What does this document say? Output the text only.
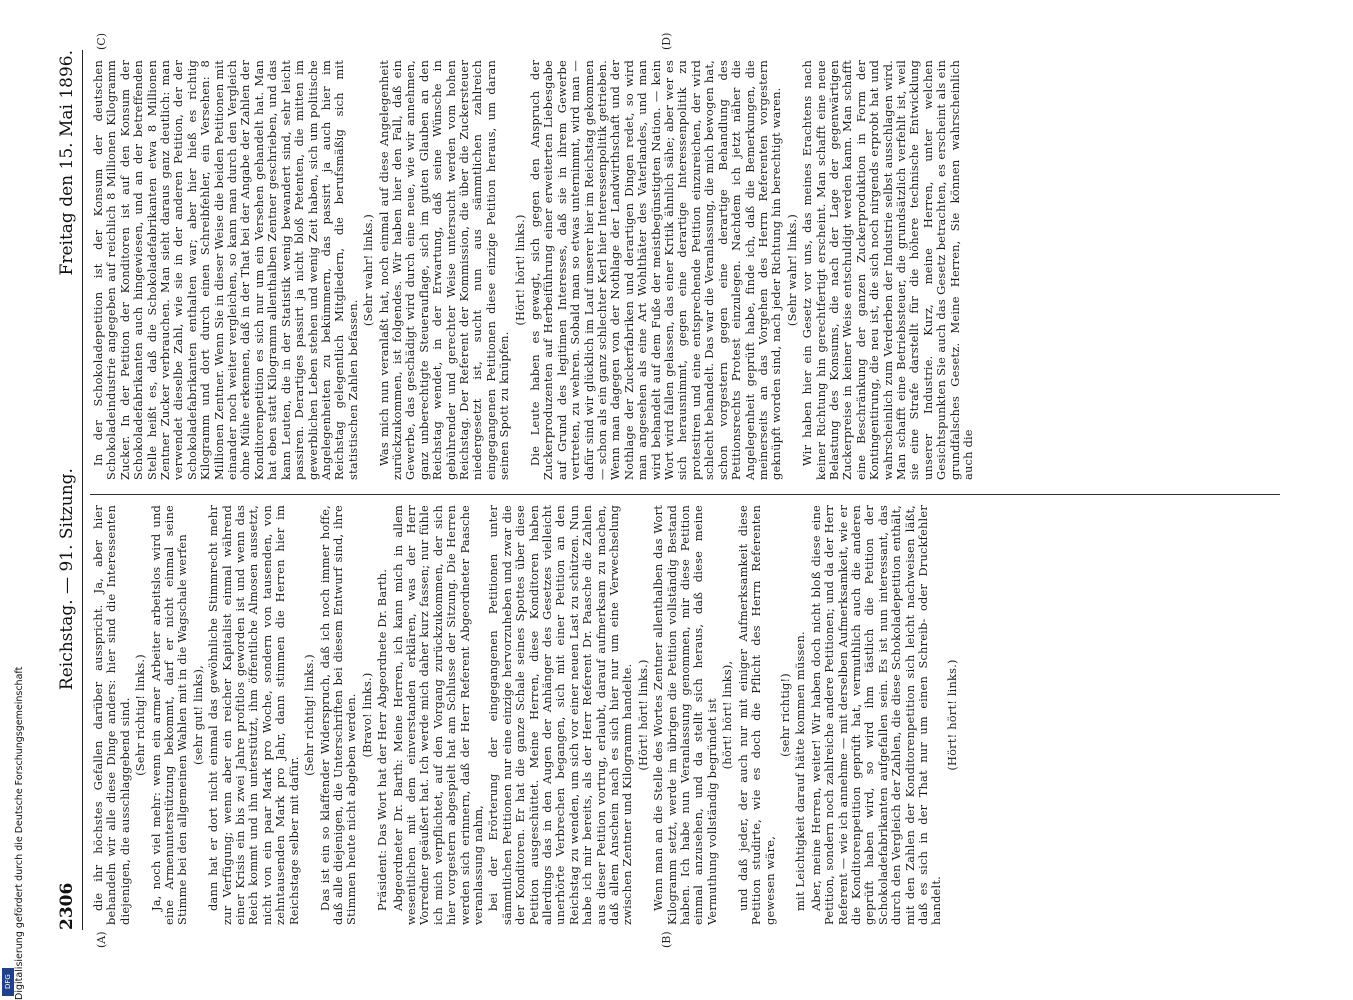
2306
Reichstag. — 91. Sitzung.
Freitag den 15. Mai 1896.
(A)	(B)
(C)	(D)

die ihr höchstes Gefallen darüber ausspricht. Ja, aber hier behandeln wir alle diese Dinge anders: hier sind die Interessenten diejenigen, die ausschlaggebend sind. (Sehr richtig! links.) Ja, noch viel mehr: wenn ein armer Arbeiter arbeitslos wird und eine Armenunterstützung bekommt, darf er nicht einmal seine Stimme bei den allgemeinen Wahlen mit in die Wagschale werfen (sehr gut! links), dann hat er dort nicht einmal das gewöhnliche Stimmrecht mehr zur Verfügung; wenn aber ein reicher Kapitalist einmal während einer Krisis ein bis zwei Jahre profitlos geworden ist und wenn das Reich kommt und ihn unterstützt, ihm öffentliche Almosen aussetzt, nicht von ein paar Mark pro Woche, sondern von tausenden, von zehntausenden Mark pro Jahr, dann stimmen die Herren hier im Reichstage selber mit dafür.

(Sehr richtig! links.) Das ist ein so klaffender Widerspruch, daß ich noch immer hoffe, daß alle diejenigen, die Unterschriften bei diesem Entwurf sind, ihre Stimmen heute nicht abgeben werden. (Bravo! links.) Präsident: Das Wort hat der Herr Abgeordnete Dr. Barth. Abgeordneter Dr. Barth: Meine Herren, ich kann mich in allem wesentlichen mit dem einverstanden erklären, was der Herr Vorredner geäußert hat. Ich werde mich daher kurz fassen; nur fühle ich mich verpflichtet, auf den Vorgang zurückzukommen, der sich hier vorgestern abgespielt hat am Schlusse der Sitzung. Die Herren werden sich erinnern, daß der Herr Referent Abgeordneter Paasche veranlassung nahm, bei der Erörterung der eingegangenen Petitionen unter sämmtlichen Petitionen nur eine einzige hervorzuheben und zwar die der Konditoren. Er hat die ganze Schale seines Spottes über diese Petition ausgeschüttet. Meine Herren, diese Konditoren haben allerdings das in den Augen der Anhänger des Gesetzes vielleicht unerhörte Verbrechen begangen, sich mit einer Petition an den Reichstag zu wenden, um sich vor einer neuen Last zu schützen. Nun habe ich mir bereits, als der Herr Referent Dr. Paasche die Zahlen aus dieser Petition vortrug, erlaubt, darauf aufmerksam zu machen, daß allem Anschein nach es sich hier nur um eine Verwechselung zwischen Zentner und Kilogramm handelte. (Hört! hört! links.) Wenn man an die Stelle des Wortes Zentner allenthalben das Wort Kilogramm setzt, werde im übrigen die Petition vollständig Bestand haben. Ich habe nun Veranlassung genommen, mir diese Petition einmal anzusehen, und da stellt sich heraus, daß diese meine Vermuthung vollständig begründet ist (hört! hört! links), und daß jeder, der auch nur mit einiger Aufmerksamkeit diese Petition studirte, wie es doch die Pflicht des Herrn Referenten gewesen wäre,

(sehr richtig!) mit Leichtigkeit darauf hätte kommen müssen. Aber, meine Herren, weiter! Wir haben doch nicht bloß diese eine Petition, sondern noch zahlreiche andere Petitionen; und da der Herr Referent — wie ich annehme — mit derselben Aufmerksamkeit, wie er die Konditorenpetition geprüft hat, vermuthlich auch die anderen geprüft haben wird, so wird ihm tästlich die Petition der Schokoladefabrikanten aufgefallen sein. Es ist nun interessant, das durch den Vergleich der Zahlen, die diese Schokoladepetition enthält, mit den Zahlen der Konditorenpetition sich leicht nachweisen läßt, daß es sich in der That nur um einen Schreib- oder Druckfehler handelt.

(Hört! hört! links.)

In der Schokoladepetition ist der Konsum der deutschen Schokoladeindustrie angegeben auf reichlich 8 Millionen Kilogramm Zucker. In der Petition der Konditoren ist auf den Konsum der Schokoladefabrikanten auch hingewiesen, und an der betreffenden Stelle heißt es, daß die Schokoladefabrikanten etwa 8 Millionen Zentner Zucker verbrauchen. Man sieht daraus ganz deutlich: man verwendet dieselbe Zahl, wie sie in der anderen Petition, der der Schokoladefabrikanten enthalten war; aber hier hieß es richtig Kilogramm und dort durch einen Schreibfehler, ein Versehen: 8 Millionen Zentner. Wenn Sie in dieser Weise die beiden Petitionen mit einander noch weiter vergleichen, so kann man durch den Vergleich ohne Mühe erkennen, daß in der That bei der Angabe der Zahlen der Konditorenpetition es sich nur um ein Versehen gehandelt hat. Man hat eben statt Kilogramm allenthalben Zentner geschrieben, und das kann Leuten, die in der Statistik wenig bewandert sind, sehr leicht passiren. Derartiges passirt ja nicht bloß Petenten, die mitten im gewerblichen Leben stehen und wenig Zeit haben, sich um politische Angelegenheiten zu bekümmern, das passirt ja auch hier im Reichstag gelegentlich Mitgliedern, die berufsmäßig sich mit statistischen Zahlen befassen.

(Sehr wahr! links.) Was mich nun veranlaßt hat, noch einmal auf diese Angelegenheit zurückzukommen, ist folgendes. Wir haben hier den Fall, daß ein Gewerbe, das geschädigt wird durch eine neue, wie wir annehmen, ganz unberechtigte Steuerauflage, sich im guten Glauben an den Reichstag wendet, in der Erwartung, daß seine Wünsche in gebührender und gerechter Weise untersucht werden vom hohen Reichstag. Der Referent der Kommission, die über die Zuckersteuer niedergesetzt ist, sucht nun aus sämmtlichen zahlreich eingegangenen Petitionen diese einzige Petition heraus, um daran seinen Spott zu knüpfen.

(Hört! hört! links.) Die Leute haben es gewagt, sich gegen den Anspruch der Zuckerproduzenten auf Herbeiführung einer erweiterten Liebesgabe auf Grund des legitimen Interesses, daß sie in ihrem Gewerbe vertreten, zu wehren. Sobald man so etwas unternimmt, wird man — dafür sind wir glücklich im Lauf unserer hier im Reichstag gekommen — schon als ein ganz schlechter Kerl hier Interessenpolitik getrieben. Wenn man dagegen von der Nothlage der Landwirthschaft und der Nothlage der Zuckerfabriken und derartigen Dingen redet, so wird man angesehen als eine Art Wohlthäter des Vaterlandes, und man wird behandelt auf dem Fuße der meistbegünstigten Nation. — kein Wort wird fallen gelassen, das einer Kritik ähnlich sähe; aber wer es sich herausnimmt, gegen eine derartige Interessenpolitik zu protestiren und eine entsprechende Petition einzureichen, der wird schlecht behandelt. Das war die Veranlassung, die mich bewogen hat, schon vorgestern gegen eine derartige Behandlung des Petitionsrechts Protest einzulegen. Nachdem ich jetzt näher die Angelegenheit geprüft habe, finde ich, daß die Bemerkungen, die meinerseits an das Vorgehen des Herrn Referenten vorgestern geknüpft worden sind, nach jeder Richtung hin berechtigt waren. (Sehr wahr! links.) Wir haben hier ein Gesetz vor uns, das meines Erachtens nach keiner Richtung hin gerechtfertigt erscheint. Man schafft eine neue Belastung des Konsums, die nach der Lage der gegenwärtigen Zuckerpreise in keiner Weise entschuldigt werden kann. Man schafft eine Beschränkung der ganzen Zuckerproduktion in Form der Kontingentirung, die neu ist, die sich noch nirgends erprobt hat und wahrscheinlich zum Verderben der Industrie selbst ausschlagen wird. Man schafft eine Betriebssteuer, die grundsätzlich verfehlt ist, weil sie eine Strafe darstellt für die höhere technische Entwicklung unserer Industrie. Kurz, meine Herren, unter welchen Gesichtspunkten Sie auch das Gesetz betrachten, es erscheint als ein grundfalsches Gesetz. Meine Herren, Sie können wahrscheinlich auch die

Digitalisierung gefördert durch die Deutsche Forschungsgemeinschaft
DFG
